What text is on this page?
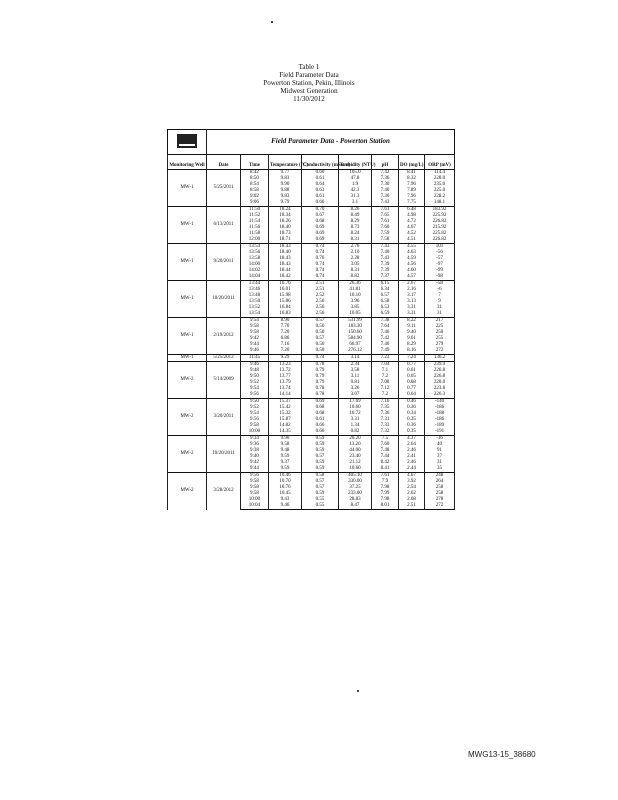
Table 1
Field Parameter Data
Powerton Station, Pekin, Illinois
Midwest Generation
11/30/2012
	Field Parameter Data - Powerton Station							
Monitoring Well	Date	Time	Temperature (°C)	Conductivity (mS/cm)	Turbidity (NTU)	pH	DO (mg/L)	ORP (mV)
MW-1	5/25/2011	8:42	9.77	0.60	105.0	7.42	8.41	114.4
		8:50	9.83	0.61	47.8	7.36	8.32	228.0
		8:54	9.90	0.64	1.9	7.30	7.96	235.0
		8:58	9.88	0.63	42.3	7.40	7.89	225.0
		9:02	9.83	0.61	31.3	7.36	7.96	228.2
		9:06	9.79	0.66	3.1	7.43	7.75	148.1
MW-1	6/13/2011	11:50	18.24	0.70	8.26	7.61	6.48	183.92
		11:52	18.34	0.67	8.49	7.65	4.98	225.92
		11:54	18.26	0.68	8.29	7.61	4.72	226.82
		11:56	18.40	0.69	8.73	7.60	4.67	215.92
		11:58	18.73	0.69	8.24	7.59	4.52	225.82
		12:00	18.71	0.69	8.31	7.58	4.51	226.82
MW-1	9/20/2011	13:54	18.43	0.74	2.76	7.43	4.55	101
		13:56	18.40	0.74	2.10	7.40	4.63	-56
		13:58	18.43	0.76	2.28	7.43	4.59	-57
		14:00	18.43	0.74	3.05	7.39	4.56	-97
		14:02	18.44	0.74	8.31	7.39	4.60	-99
		14:04	18.42	0.74	8.82	7.37	4.57	-98
MW-1	10/20/2011	13:44	16.76	2.51	26.36	6.15	2.67	-58
		13:46	16.01	2.51	41.81	6.34	2.16	-6
		13:48	15.98	2.52	10.10	6.57	3.17	7
		13:50	15.86	2.56	3.96	6.58	3.13	9
		13:52	16.84	2.56	3.85	6.53	3.31	31
		13:54	16.83	2.56	10.05	6.59	3.31	31
MW-1	2/19/2012	9:54	8.90	0.57	531.99	7.38	8.22	217
		9:58	7.70	0.56	183.30	7.64	9.11	225
		9:58	7.20	0.50	150.60	7.46	9.40	250
		9:42	6.86	0.57	584.90	7.42	9.61	255
		9:44	7.16	0.50	66.97	7.40	8.29	279
		9:46	7.20	0.50	276.12	7.49	8.16	272
MW-1	5/25/2012	11:45	9.29	0.74	3.14	7.23	7.24	136.2
MW-2	5/14/2009	9:46	13.23	0.78	2.34	7.04	0.77	239.9
		9:48	13.72	0.79	3.58	7.1	0.61	226.8
		9:50	13.77	0.79	3.11	7.2	0.65	226.8
		9:52	13.79	0.79	0.81	7.08	0.68	220.0
		9:54	13.74	0.78	3.26	7.12	0.77	223.8
		9:56	14.14	0.78	3.07	7.2	0.64	226.3
MW-2	3/20/2011	9:50	15.37	0.69	17.69	7.16	0.46	-140
		9:52	15.42	0.68	10.60	7.35	0.36	-186
		9:54	15.32	0.68	10.72	7.36	0.34	-188
		9:56	15.87	0.61	3.31	7.31	0.35	-186
		9:58	14.82	0.66	1.34	7.33	0.36	-189
		10:00	14.35	0.66	0.82	7.32	0.35	-191
MW-2	10/20/2011	9:34	9.90	0.59	26.20	7.5	4.37	-36
		9:36	9.58	0.59	13.20	7.60	2.64	40
		9:38	9.48	0.59	44.00	7.48	2.46	91
		9:40	9.59	0.57	23.40	7.44	2.41	37
		9:42	9.37	0.59	21.12	8.42	2.46	31
		9:44	9.59	0.59	10.60	8.41	2.44	35
MW-2	3/28/2012	9:56	10.46	0.58	405.10	7.61	4.67	248
		9:58	10.70	0.57	330.00	7.9	3.92	264
		9:58	10.76	0.57	37.25	7.98	2.54	258
		9:58	10.45	0.59	233.00	7.99	2.62	258
		10:00	9.43	0.55	28.83	7.98	2.68	278
		10:04	9.46	0.55	8.47	8.01	2.51	272
MWG13-15_38680
